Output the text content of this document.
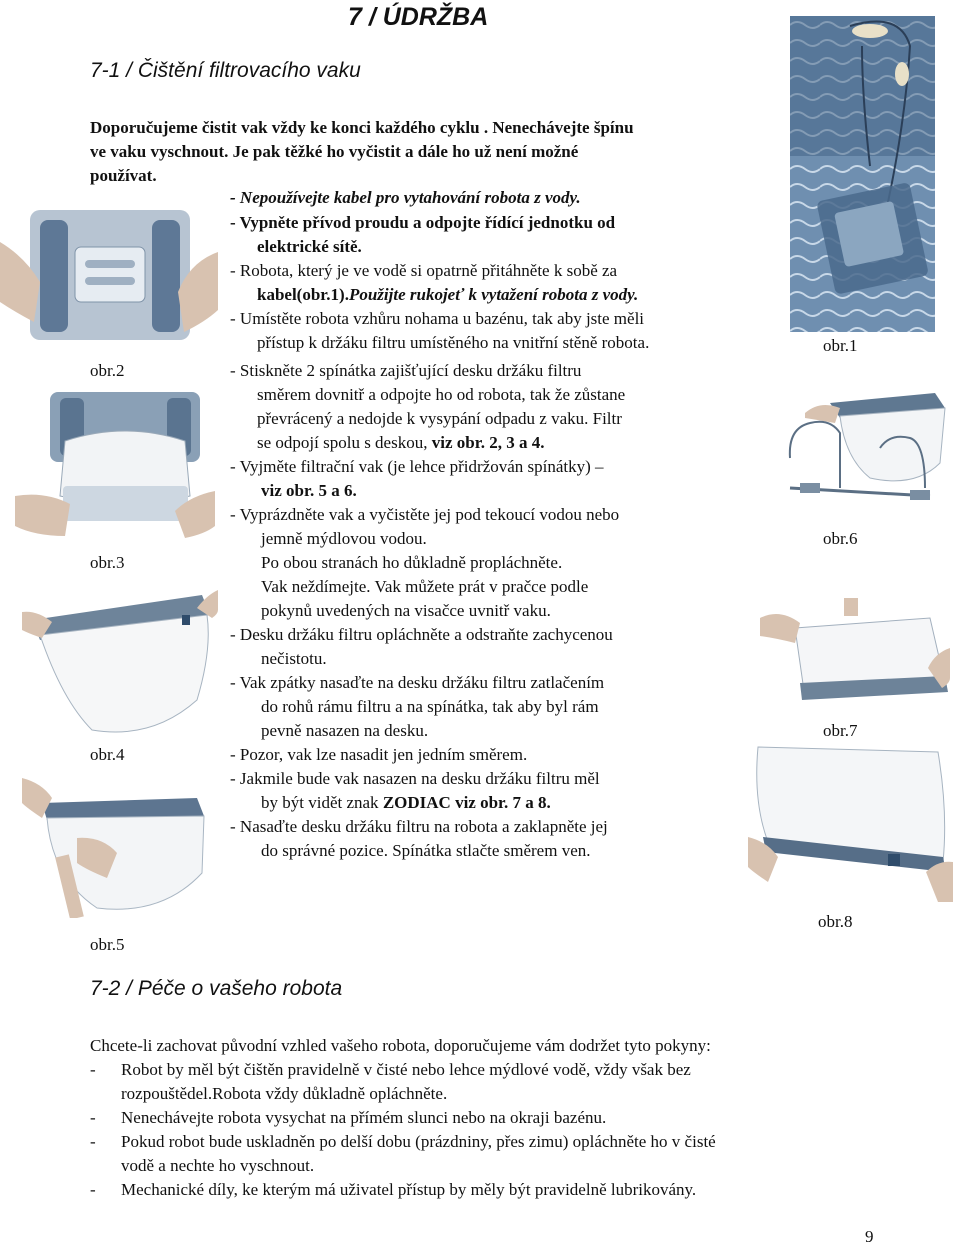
7 / ÚDRŽBA
7-1 / Čištění filtrovacího vaku
Doporučujeme čistit vak vždy ke konci každého cyklu . Nenechávejte špínu
ve vaku vyschnout. Je pak těžké ho vyčistit a dále ho už není možné
používat.
- Nepoužívejte kabel pro vytahování robota z vody.
- Vypněte přívod proudu a odpojte řídící jednotku od
elektrické sítě.
- Robota, který je ve vodě si opatrně přitáhněte k sobě za
kabel(obr.1).Použijte rukojeť k vytažení robota z vody.
- Umístěte robota vzhůru nohama u bazénu, tak aby jste měli
přístup k držáku filtru umístěného na vnitřní stěně robota.
- Stiskněte 2 spínátka zajišťující desku držáku filtru
směrem dovnitř a odpojte ho od robota, tak že zůstane
převrácený a nedojde k vysypání odpadu z vaku. Filtr
se odpojí spolu s deskou, viz obr. 2, 3 a 4.
- Vyjměte filtrační vak (je lehce přidržován spínátky) –
viz obr. 5 a 6.
- Vyprázdněte vak a vyčistěte jej pod tekoucí vodou nebo
jemně mýdlovou vodou.
Po obou stranách ho důkladně propláchněte.
Vak neždímejte. Vak můžete prát v pračce podle
pokynů uvedených na visačce uvnitř vaku.
- Desku držáku filtru opláchněte a odstraňte zachycenou
nečistotu.
- Vak zpátky nasaďte na desku držáku filtru zatlačením
do rohů rámu filtru a na spínátka, tak aby byl rám
pevně nasazen na desku.
- Pozor, vak lze nasadit jen jedním směrem.
- Jakmile bude vak nasazen na desku držáku filtru měl
by být vidět znak ZODIAC viz obr. 7 a 8.
- Nasaďte desku držáku filtru na robota a zaklapněte jej
do správné pozice. Spínátka stlačte směrem ven.
obr.1
obr.2
obr.3
obr.4
obr.5
obr.6
obr.7
obr.8
7-2 / Péče o vašeho robota
Chcete-li zachovat původní vzhled vašeho robota, doporučujeme vám dodržet tyto pokyny:
- Robot by měl být čištěn pravidelně v čisté nebo lehce mýdlové vodě, vždy však bez
rozpouštědel.Robota vždy důkladně opláchněte.
- Nenechávejte robota vysychat na přímém slunci nebo na okraji bazénu.
- Pokud robot bude uskladněn po delší dobu (prázdniny, přes zimu) opláchněte ho v čisté
vodě a nechte ho vyschnout.
- Mechanické díly, ke kterým má uživatel přístup by měly být pravidelně lubrikovány.
9
